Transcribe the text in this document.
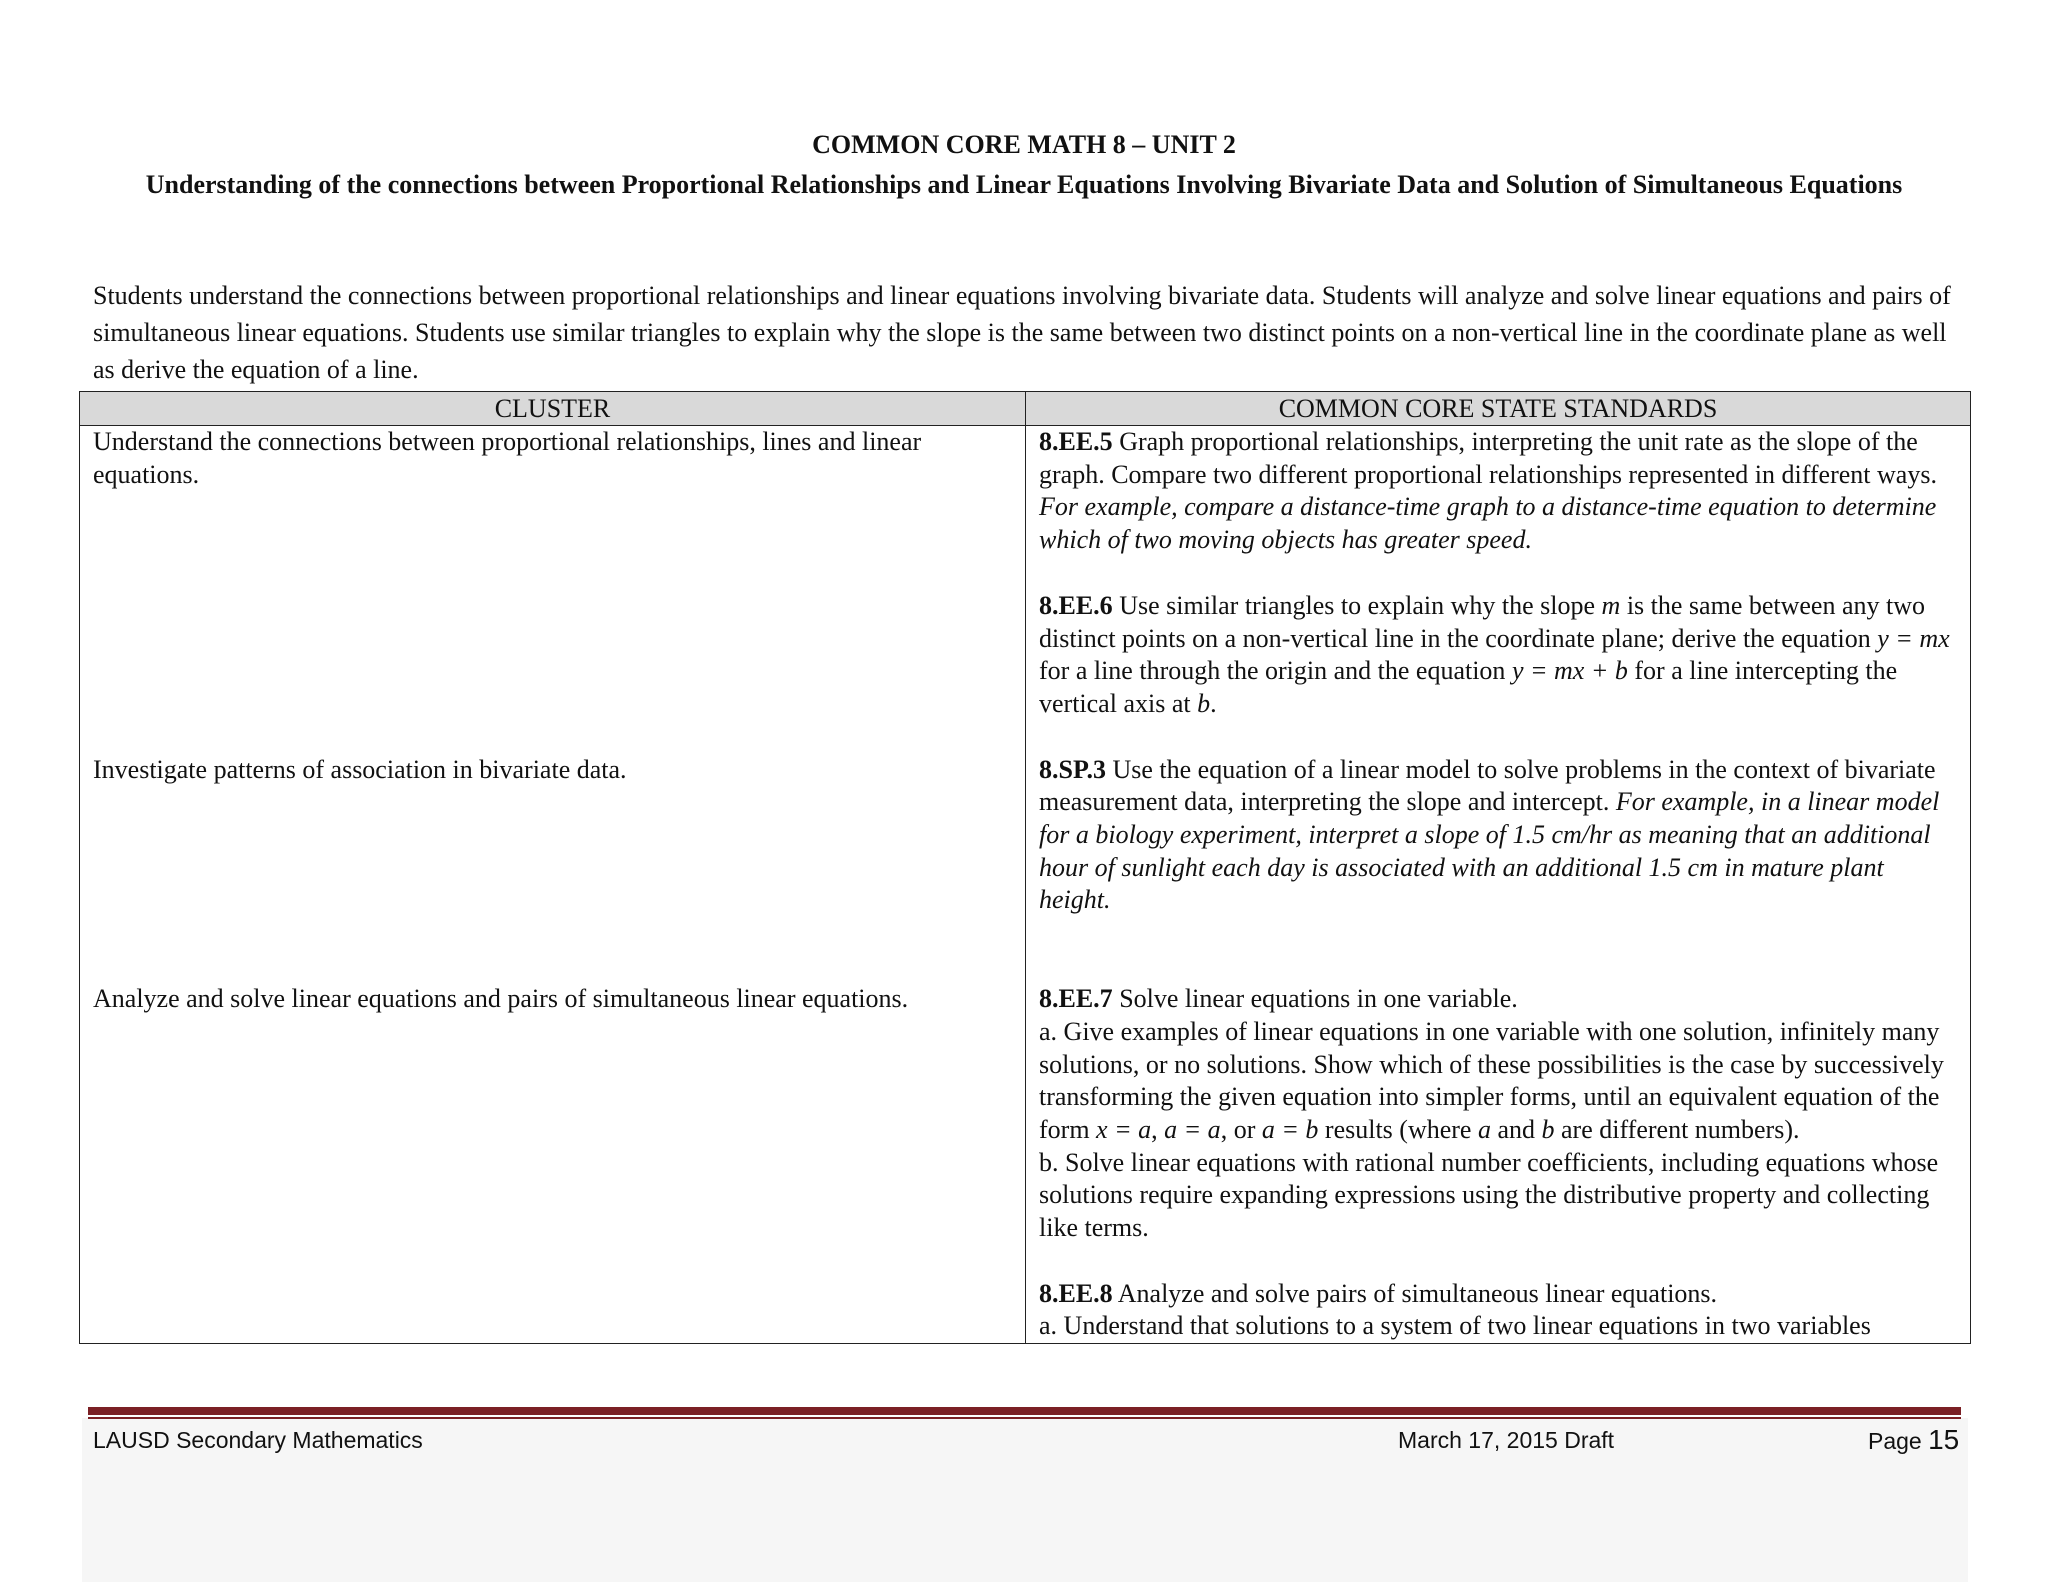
COMMON CORE MATH 8 – UNIT 2
Understanding of the connections between Proportional Relationships and Linear Equations Involving Bivariate Data and Solution of Simultaneous Equations
Students understand the connections between proportional relationships and linear equations involving bivariate data. Students will analyze and solve linear equations and pairs of simultaneous linear equations. Students use similar triangles to explain why the slope is the same between two distinct points on a non-vertical line in the coordinate plane as well as derive the equation of a line.
CLUSTER	COMMON CORE STATE STANDARDS
Understand the connections between proportional relationships, lines and linear equations.	8.EE.5 Graph proportional relationships, interpreting the unit rate as the slope of the graph. Compare two different proportional relationships represented in different ways. For example, compare a distance-time graph to a distance-time equation to determine which of two moving objects has greater speed.
8.EE.6 Use similar triangles to explain why the slope m is the same between any two distinct points on a non-vertical line in the coordinate plane; derive the equation y = mx for a line through the origin and the equation y = mx + b for a line intercepting the vertical axis at b.

Investigate patterns of association in bivariate data.	8.SP.3 Use the equation of a linear model to solve problems in the context of bivariate measurement data, interpreting the slope and intercept. For example, in a linear model for a biology experiment, interpret a slope of 1.5 cm/hr as meaning that an additional hour of sunlight each day is associated with an additional 1.5 cm in mature plant height.

Analyze and solve linear equations and pairs of simultaneous linear equations.	8.EE.7 Solve linear equations in one variable.
a. Give examples of linear equations in one variable with one solution, infinitely many solutions, or no solutions. Show which of these possibilities is the case by successively transforming the given equation into simpler forms, until an equivalent equation of the form x = a, a = a, or a = b results (where a and b are different numbers).
b. Solve linear equations with rational number coefficients, including equations whose solutions require expanding expressions using the distributive property and collecting like terms.
8.EE.8 Analyze and solve pairs of simultaneous linear equations.
a. Understand that solutions to a system of two linear equations in two variables
LAUSD Secondary Mathematics	March 17, 2015 Draft	Page 15
